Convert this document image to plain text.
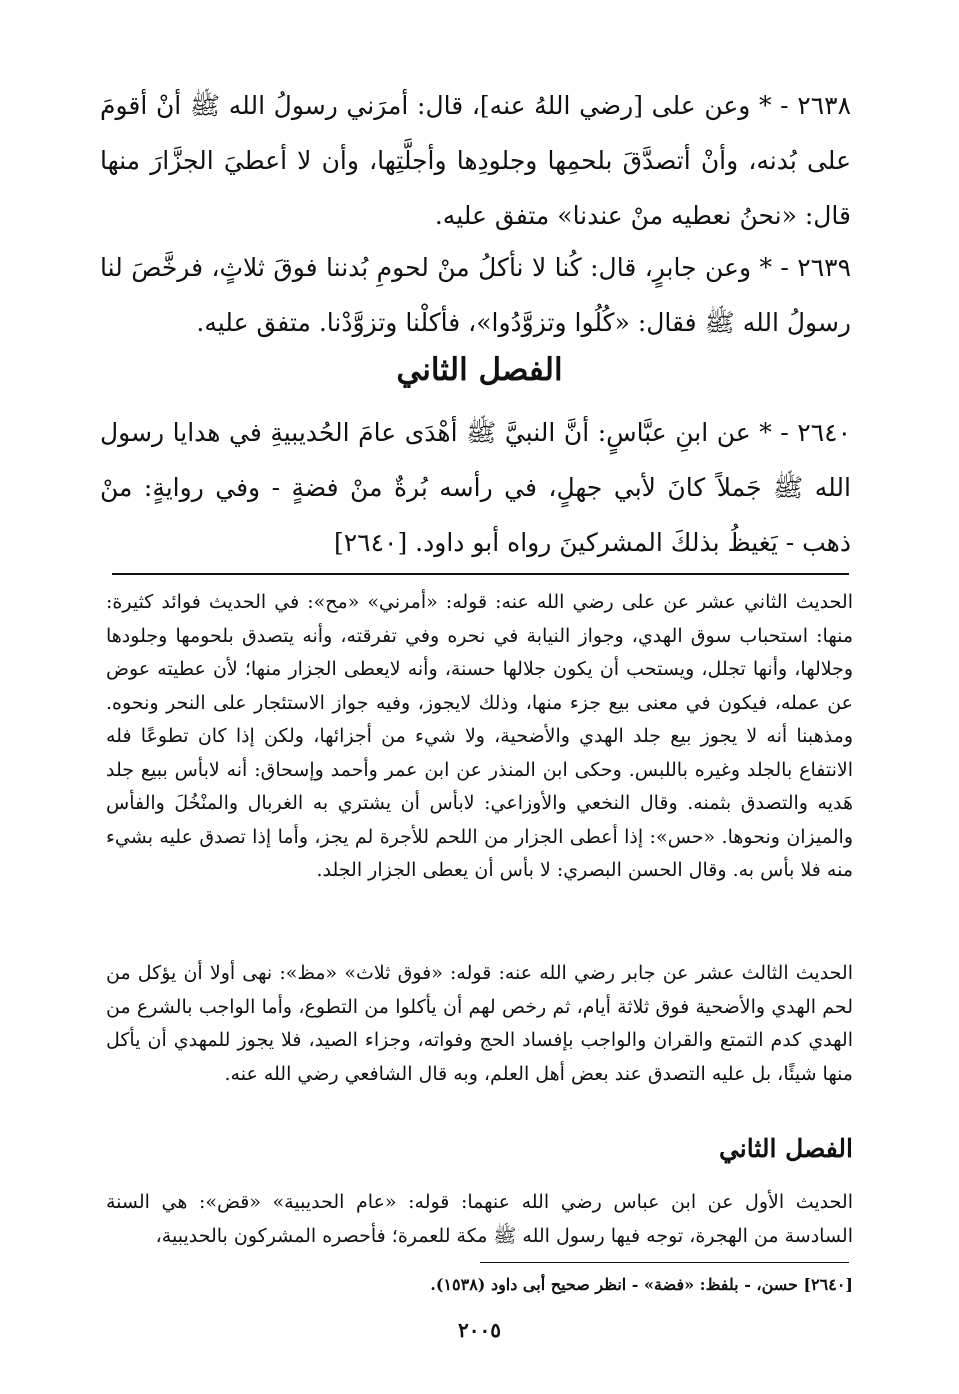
٢٦٣٨ - * وعن على [رضي اللهُ عنه]، قال: أمرَني رسولُ الله ﷺ أنْ أقومَ على بُدنه، وأنْ أتصدَّقَ بلحمِها وجلودِها وأجلَّتِها، وأن لا أعطيَ الجزَّارَ منها قال: «نحنُ نعطيه منْ عندنا» متفق عليه.

٢٦٣٩ - * وعن جابرٍ، قال: كُنا لا نأكلُ منْ لحومِ بُدننا فوقَ ثلاثٍ، فرخَّصَ لنا رسولُ الله ﷺ فقال: «كُلُوا وتزوَّدُوا»، فأكلْنا وتزوَّدْنا. متفق عليه.

الفصل الثاني

٢٦٤٠ - * عن ابنِ عبَّاسٍ: أنَّ النبيَّ ﷺ أهْدَى عامَ الحُديبيةِ في هدايا رسول الله ﷺ جَملاً كانَ لأبي جهلٍ، في رأسه بُرةٌ منْ فضةٍ - وفي روايةٍ: منْ ذهب - يَغيظُ بذلكَ المشركينَ رواه أبو داود. [٢٦٤٠]

الحديث الثاني عشر عن على رضي الله عنه: قوله: «أمرني» «مح»: في الحديث فوائد كثيرة: منها: استحباب سوق الهدي، وجواز النيابة في نحره وفي تفرقته، وأنه يتصدق بلحومها وجلودها وجلالها، وأنها تجلل، ويستحب أن يكون جلالها حسنة، وأنه لايعطى الجزار منها؛ لأن عطيته عوض عن عمله، فيكون في معنى بيع جزء منها، وذلك لايجوز، وفيه جواز الاستئجار على النحر ونحوه. ومذهبنا أنه لا يجوز بيع جلد الهدي والأضحية، ولا شيء من أجزائها، ولكن إذا كان تطوعًا فله الانتفاع بالجلد وغيره باللبس. وحكى ابن المنذر عن ابن عمر وأحمد وإسحاق: أنه لابأس ببيع جلد هَديه والتصدق بثمنه. وقال النخعي والأوزاعي: لابأس أن يشتري به الغربال والمنْخُلَ والفأس والميزان ونحوها. «حس»: إذا أعطى الجزار من اللحم للأجرة لم يجز، وأما إذا تصدق عليه بشيء منه فلا بأس به. وقال الحسن البصري: لا بأس أن يعطى الجزار الجلد.

الحديث الثالث عشر عن جابر رضي الله عنه: قوله: «فوق ثلاث» «مظ»: نهى أولا أن يؤكل من لحم الهدي والأضحية فوق ثلاثة أيام، ثم رخص لهم أن يأكلوا من التطوع، وأما الواجب بالشرع من الهدي كدم التمتع والقران والواجب بإفساد الحج وفواته، وجزاء الصيد، فلا يجوز للمهدي أن يأكل منها شيئًا، بل عليه التصدق عند بعض أهل العلم، وبه قال الشافعي رضي الله عنه.

الفصل الثاني

الحديث الأول عن ابن عباس رضي الله عنهما: قوله: «عام الحديبية» «قض»: هي السنة السادسة من الهجرة، توجه فيها رسول الله ﷺ مكة للعمرة؛ فأحصره المشركون بالحديبية،

[٢٦٤٠] حسن، - بلفظ: «فضة» - انظر صحيح أبى داود (١٥٣٨).
٢٠٠٥
